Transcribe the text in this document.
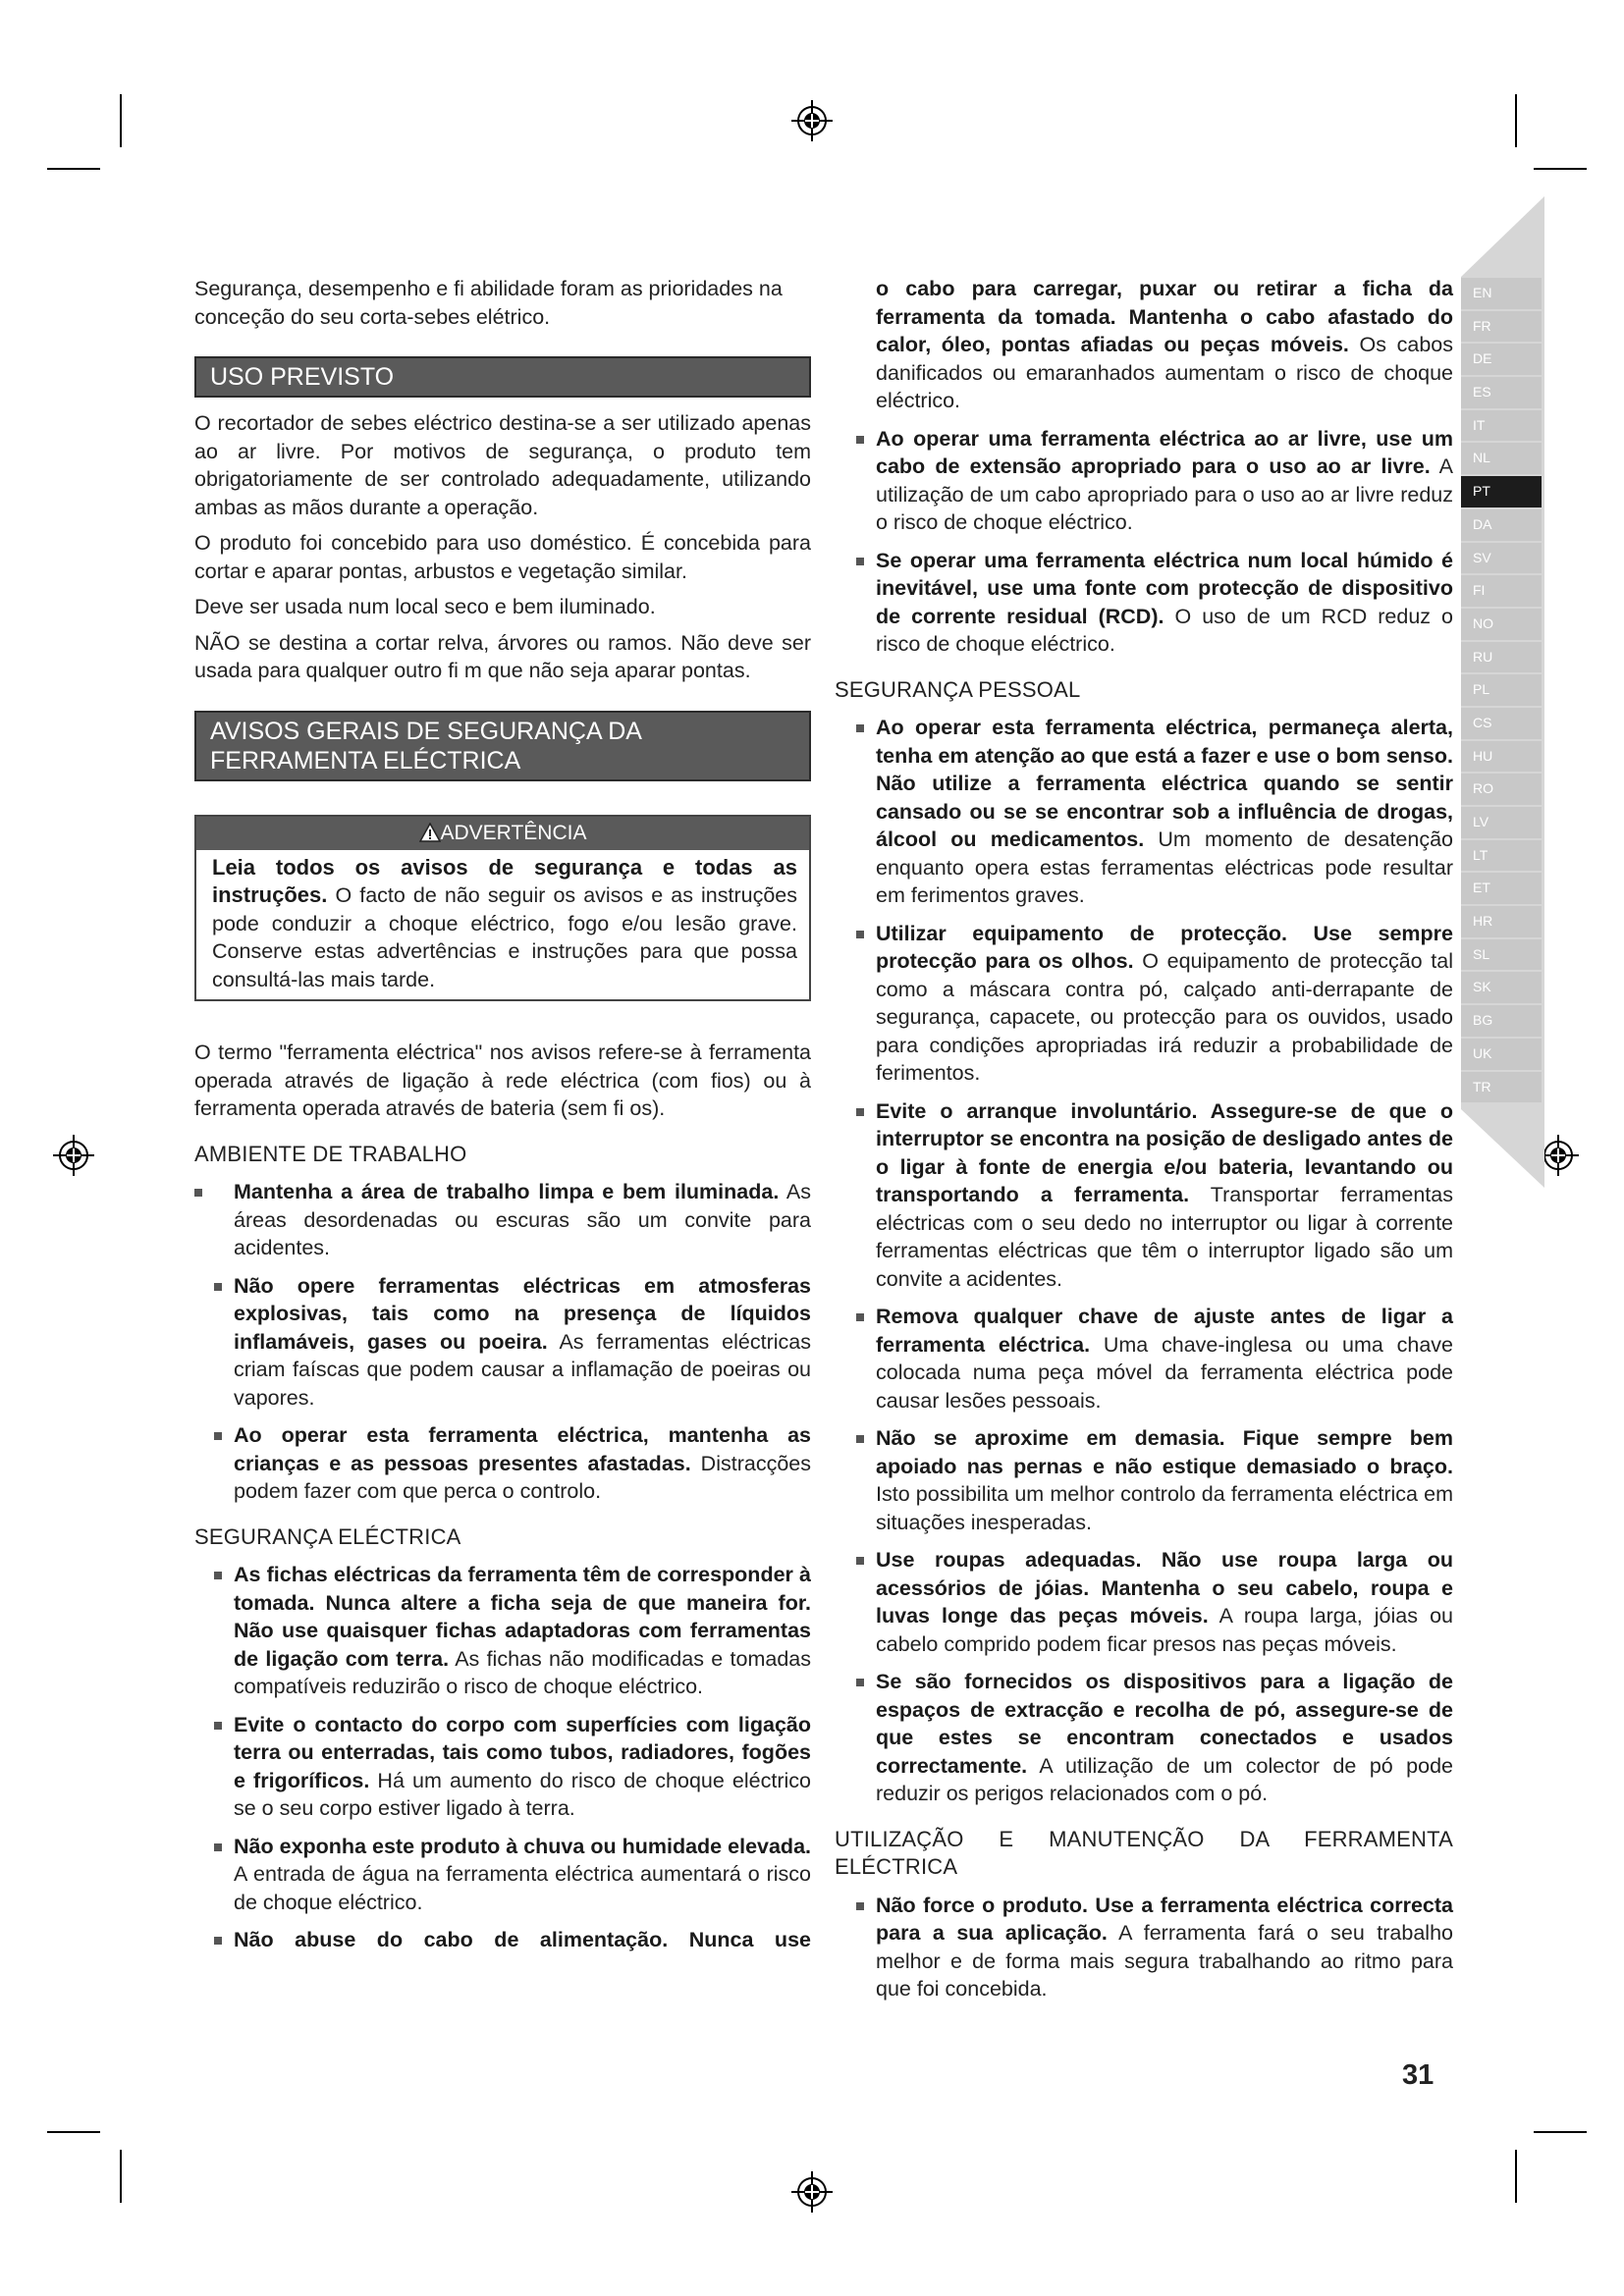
Segurança, desempenho e fi abilidade foram as prioridades na conceção do seu corta-sebes elétrico.

USO PREVISTO

O recortador de sebes eléctrico destina-se a ser utilizado apenas ao ar livre. Por motivos de segurança, o produto tem obrigatoriamente de ser controlado adequadamente, utilizando ambas as mãos durante a operação.

O produto foi concebido para uso doméstico. É concebida para cortar e aparar pontas, arbustos e vegetação similar.

Deve ser usada num local seco e bem iluminado.

NÃO se destina a cortar relva, árvores ou ramos. Não deve ser usada para qualquer outro fi m que não seja aparar pontas.

AVISOS GERAIS DE SEGURANÇA DA FERRAMENTA ELÉCTRICA
ADVERTÊNCIA

Leia todos os avisos de segurança e todas as instruções. O facto de não seguir os avisos e as instruções pode conduzir a choque eléctrico, fogo e/ou lesão grave. Conserve estas advertências e instruções para que possa consultá-las mais tarde.

O termo "ferramenta eléctrica" nos avisos refere-se à ferramenta operada através de ligação à rede eléctrica (com fios) ou à ferramenta operada através de bateria (sem fi os).

AMBIENTE DE TRABALHO
Mantenha a área de trabalho limpa e bem iluminada. As áreas desordenadas ou escuras são um convite para acidentes.
Não opere ferramentas eléctricas em atmosferas explosivas, tais como na presença de líquidos inflamáveis, gases ou poeira. As ferramentas eléctricas criam faíscas que podem causar a inflamação de poeiras ou vapores.
Ao operar esta ferramenta eléctrica, mantenha as crianças e as pessoas presentes afastadas. Distracções podem fazer com que perca o controlo.
SEGURANÇA ELÉCTRICA
As fichas eléctricas da ferramenta têm de corresponder à tomada. Nunca altere a ficha seja de que maneira for. Não use quaisquer fichas adaptadoras com ferramentas de ligação com terra. As fichas não modificadas e tomadas compatíveis reduzirão o risco de choque eléctrico.
Evite o contacto do corpo com superfícies com ligação terra ou enterradas, tais como tubos, radiadores, fogões e frigoríficos. Há um aumento do risco de choque eléctrico se o seu corpo estiver ligado à terra.
Não exponha este produto à chuva ou humidade elevada. A entrada de água na ferramenta eléctrica aumentará o risco de choque eléctrico.
Não abuse do cabo de alimentação. Nunca use

o cabo para carregar, puxar ou retirar a ficha da ferramenta da tomada. Mantenha o cabo afastado do calor, óleo, pontas afiadas ou peças móveis. Os cabos danificados ou emaranhados aumentam o risco de choque eléctrico.

Ao operar uma ferramenta eléctrica ao ar livre, use um cabo de extensão apropriado para o uso ao ar livre. A utilização de um cabo apropriado para o uso ao ar livre reduz o risco de choque eléctrico.
Se operar uma ferramenta eléctrica num local húmido é inevitável, use uma fonte com protecção de dispositivo de corrente residual (RCD). O uso de um RCD reduz o risco de choque eléctrico.
SEGURANÇA PESSOAL
Ao operar esta ferramenta eléctrica, permaneça alerta, tenha em atenção ao que está a fazer e use o bom senso. Não utilize a ferramenta eléctrica quando se sentir cansado ou se se encontrar sob a influência de drogas, álcool ou medicamentos. Um momento de desatenção enquanto opera estas ferramentas eléctricas pode resultar em ferimentos graves.
Utilizar equipamento de protecção. Use sempre protecção para os olhos. O equipamento de protecção tal como a máscara contra pó, calçado anti-derrapante de segurança, capacete, ou protecção para os ouvidos, usado para condições apropriadas irá reduzir a probabilidade de ferimentos.
Evite o arranque involuntário. Assegure-se de que o interruptor se encontra na posição de desligado antes de o ligar à fonte de energia e/ou bateria, levantando ou transportando a ferramenta. Transportar ferramentas eléctricas com o seu dedo no interruptor ou ligar à corrente ferramentas eléctricas que têm o interruptor ligado são um convite a acidentes.
Remova qualquer chave de ajuste antes de ligar a ferramenta eléctrica. Uma chave-inglesa ou uma chave colocada numa peça móvel da ferramenta eléctrica pode causar lesões pessoais.
Não se aproxime em demasia. Fique sempre bem apoiado nas pernas e não estique demasiado o braço. Isto possibilita um melhor controlo da ferramenta eléctrica em situações inesperadas.
Use roupas adequadas. Não use roupa larga ou acessórios de jóias. Mantenha o seu cabelo, roupa e luvas longe das peças móveis. A roupa larga, jóias ou cabelo comprido podem ficar presos nas peças móveis.
Se são fornecidos os dispositivos para a ligação de espaços de extracção e recolha de pó, assegure-se de que estes se encontram conectados e usados correctamente. A utilização de um colector de pó pode reduzir os perigos relacionados com o pó.
UTILIZAÇÃO E MANUTENÇÃO DA FERRAMENTA ELÉCTRICA
Não force o produto. Use a ferramenta eléctrica correcta para a sua aplicação. A ferramenta fará o seu trabalho melhor e de forma mais segura trabalhando ao ritmo para que foi concebida.
EN
FR
DE
ES
IT
NL
PT
DA
SV
FI
NO
RU
PL
CS
HU
RO
LV
LT
ET
HR
SL
SK
BG
UK
TR
31
